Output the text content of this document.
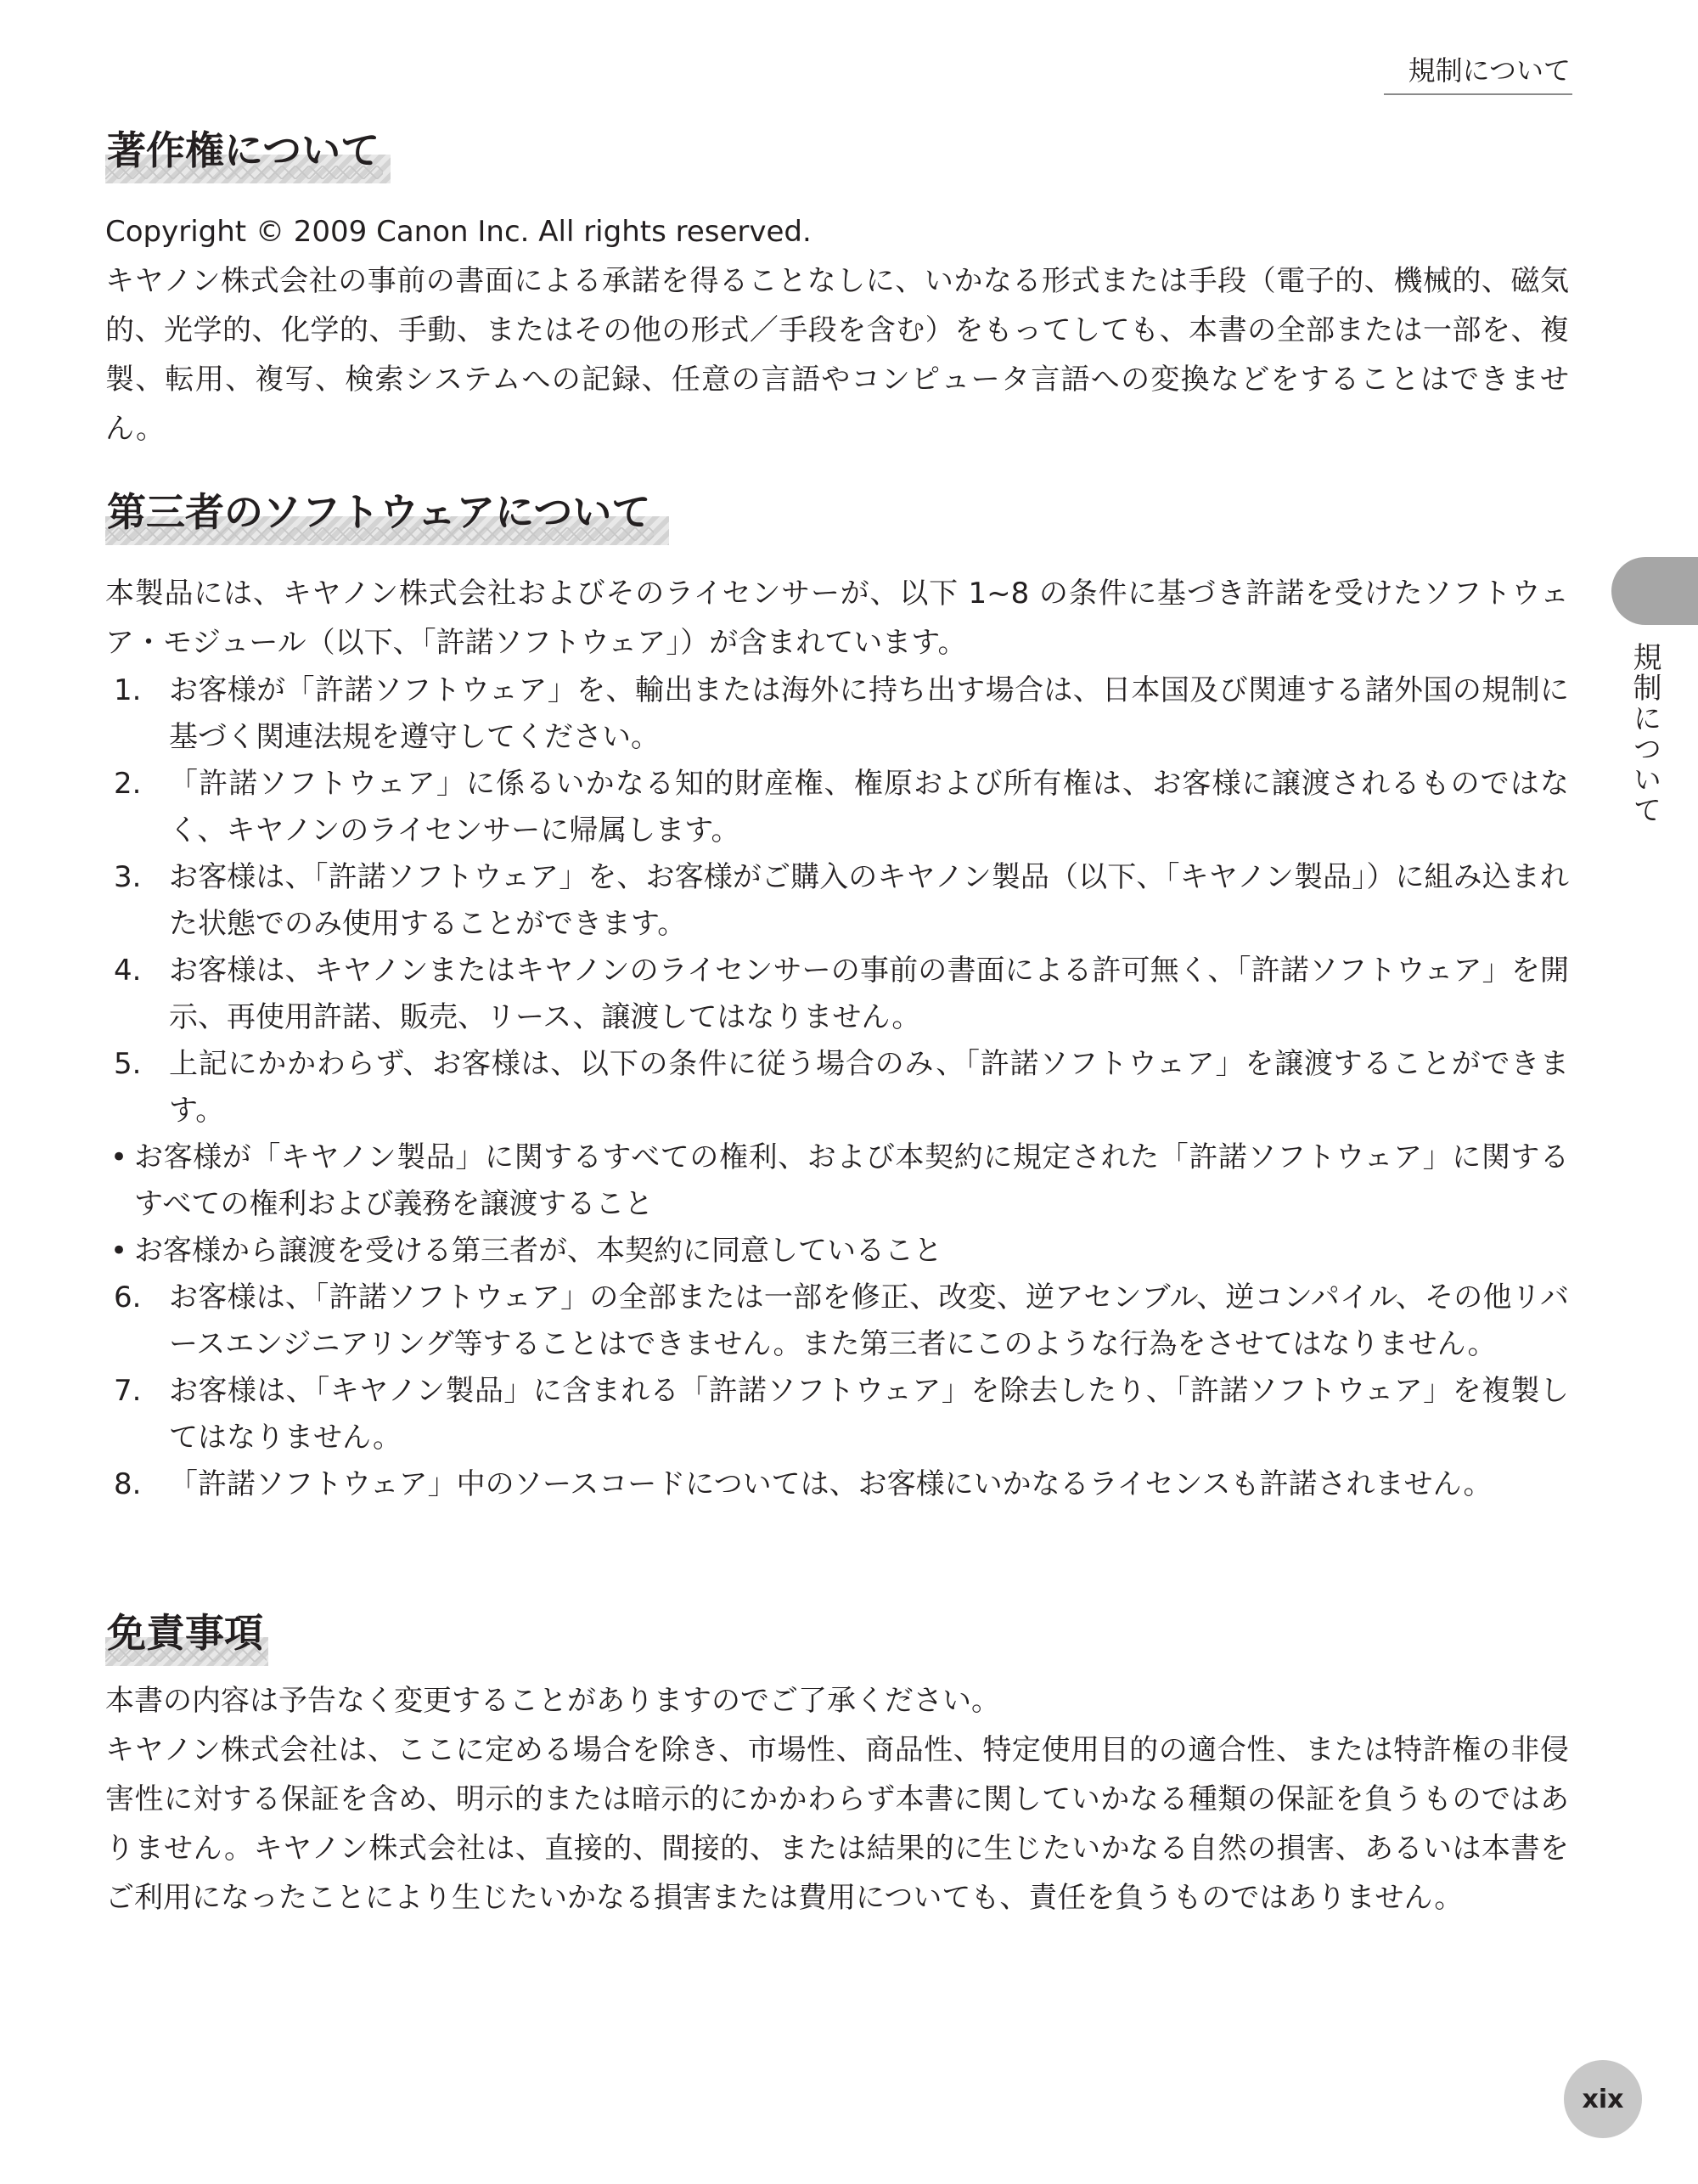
規制について
著作権について

Copyright © 2009 Canon Inc. All rights reserved.

キヤノン株式会社の事前の書面による承諾を得ることなしに、いかなる形式または手段（電子的、機械的、磁気的、光学的、化学的、手動、またはその他の形式／手段を含む）をもってしても、本書の全部または一部を、複製、転用、複写、検索システムへの記録、任意の言語やコンピュータ言語への変換などをすることはできません。

第三者のソフトウェアについて

本製品には、キヤノン株式会社およびそのライセンサーが、以下 1~8 の条件に基づき許諾を受けたソフトウェア・モジュール（以下、「許諾ソフトウェア」）が含まれています。

1. お客様が「許諾ソフトウェア」を、輸出または海外に持ち出す場合は、日本国及び関連する諸外国の規制に基づく関連法規を遵守してください。
2. 「許諾ソフトウェア」に係るいかなる知的財産権、権原および所有権は、お客様に譲渡されるものではなく、キヤノンのライセンサーに帰属します。
3. お客様は、「許諾ソフトウェア」を、お客様がご購入のキヤノン製品（以下、「キヤノン製品」）に組み込まれた状態でのみ使用することができます。
4. お客様は、キヤノンまたはキヤノンのライセンサーの事前の書面による許可無く、「許諾ソフトウェア」を開示、再使用許諾、販売、リース、譲渡してはなりません。
5. 上記にかかわらず、お客様は、以下の条件に従う場合のみ、「許諾ソフトウェア」を譲渡することができます。
• お客様が「キヤノン製品」に関するすべての権利、および本契約に規定された「許諾ソフトウェア」に関するすべての権利および義務を譲渡すること
• お客様から譲渡を受ける第三者が、本契約に同意していること
6. お客様は、「許諾ソフトウェア」の全部または一部を修正、改変、逆アセンブル、逆コンパイル、その他リバースエンジニアリング等することはできません。また第三者にこのような行為をさせてはなりません。
7. お客様は、「キヤノン製品」に含まれる「許諾ソフトウェア」を除去したり、「許諾ソフトウェア」を複製してはなりません。
8. 「許諾ソフトウェア」中のソースコードについては、お客様にいかなるライセンスも許諾されません。
免責事項

本書の内容は予告なく変更することがありますのでご了承ください。

キヤノン株式会社は、ここに定める場合を除き、市場性、商品性、特定使用目的の適合性、または特許権の非侵害性に対する保証を含め、明示的または暗示的にかかわらず本書に関していかなる種類の保証を負うものではありません。キヤノン株式会社は、直接的、間接的、または結果的に生じたいかなる自然の損害、あるいは本書をご利用になったことにより生じたいかなる損害または費用についても、責任を負うものではありません。

規制について
xix
